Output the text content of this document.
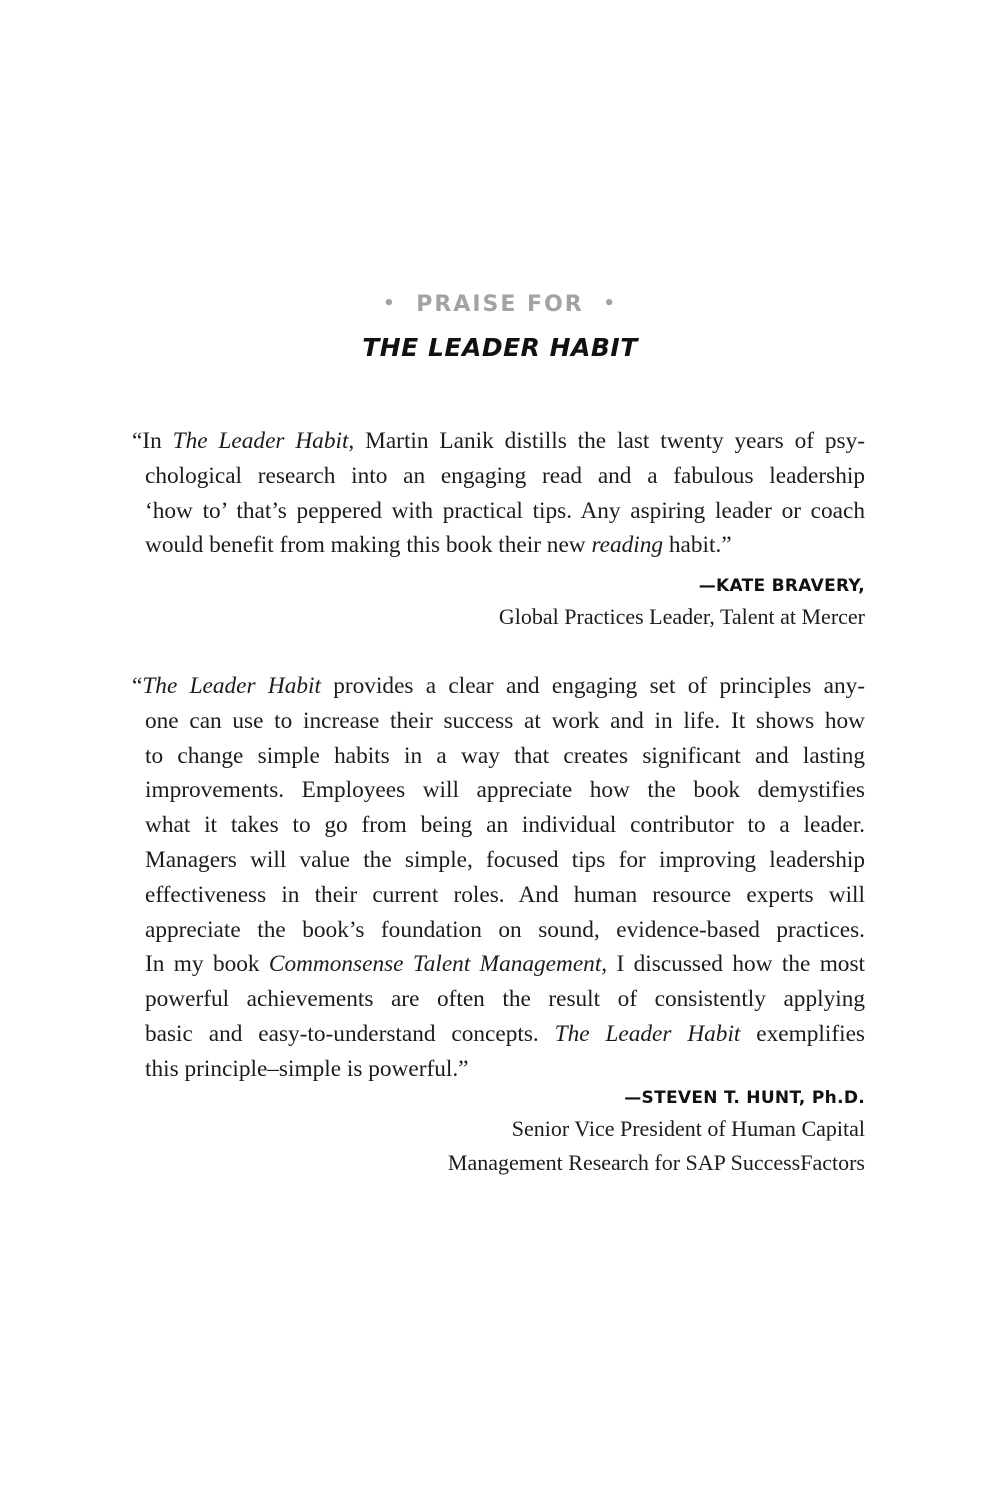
• PRAISE FOR •
THE LEADER HABIT
“In The Leader Habit, Martin Lanik distills the last twenty years of psy-
chological research into an engaging read and a fabulous leadership
‘how to’ that’s peppered with practical tips. Any aspiring leader or coach
would benefit from making this book their new reading habit.”
—KATE BRAVERY,
Global Practices Leader, Talent at Mercer
“The Leader Habit provides a clear and engaging set of principles any-
one can use to increase their success at work and in life. It shows how
to change simple habits in a way that creates significant and lasting
improvements. Employees will appreciate how the book demystifies
what it takes to go from being an individual contributor to a leader.
Managers will value the simple, focused tips for improving leadership
effectiveness in their current roles. And human resource experts will
appreciate the book’s foundation on sound, evidence-based practices.
In my book Commonsense Talent Management, I discussed how the most
powerful achievements are often the result of consistently applying
basic and easy-to-understand concepts. The Leader Habit exemplifies
this principle–simple is powerful.”
—STEVEN T. HUNT, Ph.D.
Senior Vice President of Human Capital
Management Research for SAP SuccessFactors
